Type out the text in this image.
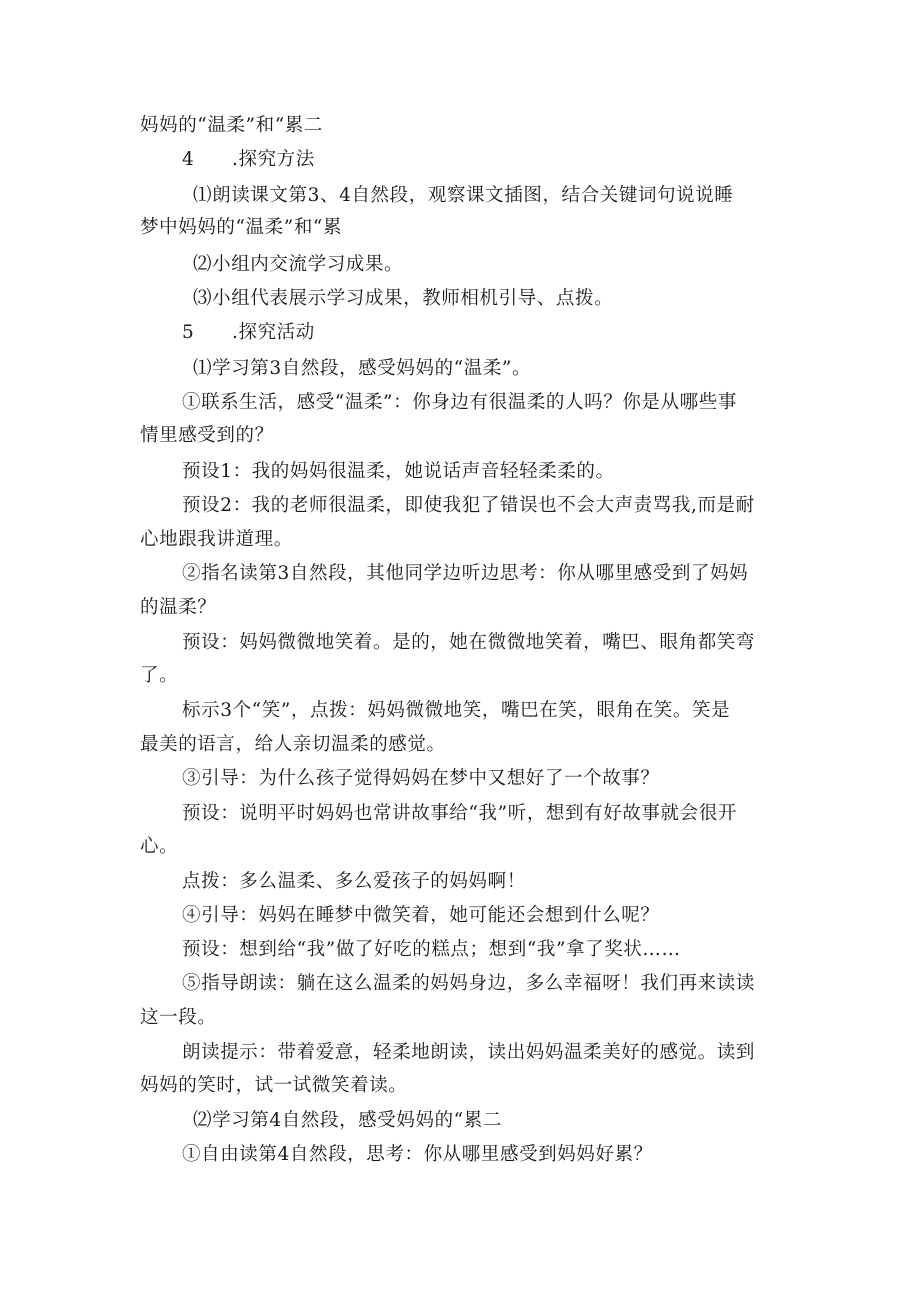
妈妈的“温柔”和“累二
4 .探究方法
⑴朗读课文第3、4自然段，观察课文插图，结合关键词句说说睡
梦中妈妈的“温柔”和“累
⑵小组内交流学习成果。
⑶小组代表展示学习成果，教师相机引导、点拨。
5 .探究活动
⑴学习第3自然段，感受妈妈的“温柔”。
①联系生活，感受“温柔”：你身边有很温柔的人吗？你是从哪些事
情里感受到的？
预设1：我的妈妈很温柔，她说话声音轻轻柔柔的。
预设2：我的老师很温柔，即使我犯了错误也不会大声责骂我,而是耐
心地跟我讲道理。
②指名读第3自然段，其他同学边听边思考：你从哪里感受到了妈妈
的温柔？
预设：妈妈微微地笑着。是的，她在微微地笑着，嘴巴、眼角都笑弯
了。
标示3个“笑”，点拨：妈妈微微地笑，嘴巴在笑，眼角在笑。笑是
最美的语言，给人亲切温柔的感觉。
③引导：为什么孩子觉得妈妈在梦中又想好了一个故事？
预设：说明平时妈妈也常讲故事给“我”听，想到有好故事就会很开
心。
点拨：多么温柔、多么爱孩子的妈妈啊！
④引导：妈妈在睡梦中微笑着，她可能还会想到什么呢？
预设：想到给“我”做了好吃的糕点；想到“我”拿了奖状……
⑤指导朗读：躺在这么温柔的妈妈身边，多么幸福呀！我们再来读读
这一段。
朗读提示：带着爱意，轻柔地朗读，读出妈妈温柔美好的感觉。读到
妈妈的笑时，试一试微笑着读。
⑵学习第4自然段，感受妈妈的“累二
①自由读第4自然段，思考：你从哪里感受到妈妈好累？
